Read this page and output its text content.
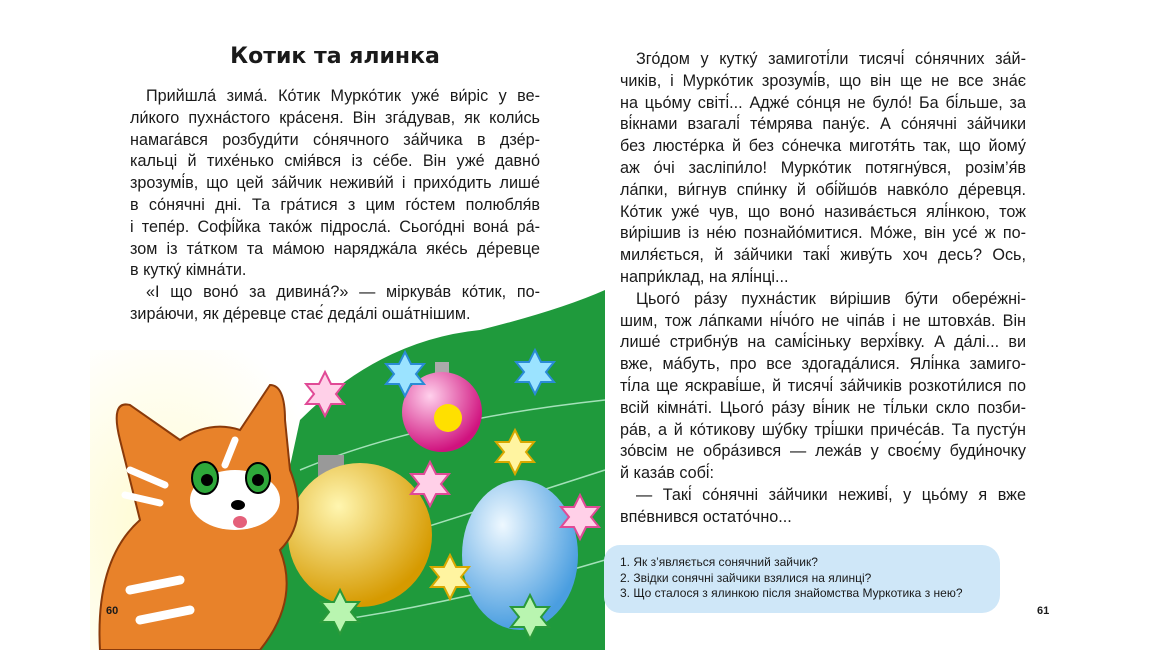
Котик та ялинка
Прийшла́ зима́. Ко́тик Мурко́тик уже́ ви́ріс у ве-
ли́кого пухна́стого кра́сеня. Він зга́дував, як коли́сь
намага́вся розбуди́ти со́нячного за́йчика в дзе́р-
кальці й тихе́нько смія́вся із се́бе. Він уже́ давно́
зрозумі́в, що цей за́йчик неживи́й і прихо́дить лише́
в со́нячні дні. Та гра́тися з цим го́стем полюбля́в
і тепе́р. Софі́йка тако́ж підросла́. Сього́дні вона́ ра́-
зом із та́тком та ма́мою наряджа́ла яке́сь де́ревце
в кутку́ кімна́ти.
«І що воно́ за дивина́?» — міркува́в ко́тик, по-
зира́ючи, як де́ревце стає́ деда́лі оша́тнішим.
Зго́дом у кутку́ замиготі́ли тисячі́ со́нячних за́й-
чиків, і Мурко́тик зрозумі́в, що він ще не все зна́є
на цьо́му світі́... Адже́ со́нця не було́! Ба бі́льше, за
ві́кнами взагалі́ те́мрява пану́є. А со́нячні за́йчики
без люсте́рка й без со́нечка миготя́ть так, що йому́
аж о́чі засліпи́ло! Мурко́тик потягну́вся, розім’я́в
ла́пки, ви́гнув спи́нку й обі́йшо́в навко́ло де́ревця.
Ко́тик уже́ чув, що воно́ назива́ється ялі́нкою, тож
ви́рішив із не́ю познайо́митися. Мо́же, він усе́ ж по-
миля́ється, й за́йчики такі́ живу́ть хоч десь? Ось,
напри́клад, на ялі́нці...
Цього́ ра́зу пухна́стик ви́рішив бу́ти обере́жні-
шим, тож ла́пками ні́чо́го не чіпа́в і не штовха́в. Він
лише́ стрибну́в на самі́сіньку верхі́вку. А да́лі... ви
вже, ма́буть, про все здогада́лися. Ялі́нка замиго-
ті́ла ще яскраві́ше, й тисячі́ за́йчиків розкоти́лися по
всій кімна́ті. Цього́ ра́зу ві́ник не ті́льки скло позби-
ра́в, а й ко́тикову шу́бку трі́шки приче́са́в. Та пусту́н
зо́всім не обра́зився — лежа́в у своє́му буди́ночку
й каза́в собі́:
— Такі́ со́нячні за́йчики неживі́, у цьо́му я вже
впе́внився остато́чно...
1. Як з’являється сонячний зайчик?
2. Звідки сонячні зайчики взялися на ялинці?
3. Що сталося з ялинкою після знайомства Муркотика з нею?
60	61
